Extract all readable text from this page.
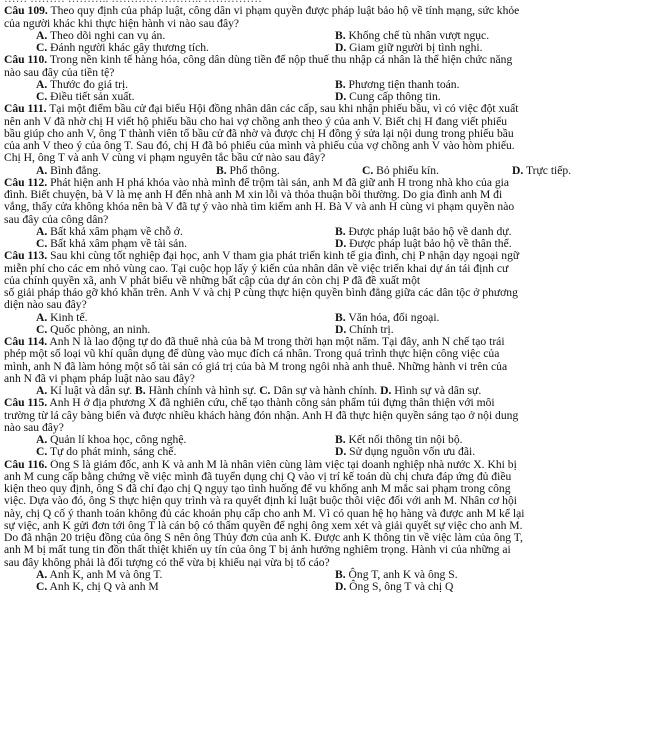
Câu 109. Theo quy định của pháp luật, công dân vi phạm quyền được pháp luật bảo hộ về tính mạng, sức khỏe
của người khác khi thực hiện hành vi nào sau đây?
A. Theo dõi nghi can vụ án.	B. Khống chế tù nhân vượt ngục.
C. Đánh người khác gây thương tích.	D. Giam giữ người bị tình nghi.
Câu 110. Trong nền kinh tế hàng hóa, công dân dùng tiền để nộp thuế thu nhập cá nhân là thể hiện chức năng
nào sau đây của tiền tệ?
A. Thước đo giá trị.	B. Phương tiện thanh toán.
C. Điều tiết sản xuất.	D. Cung cấp thông tin.
Câu 111. Tại một điểm bầu cử đại biểu Hội đồng nhân dân các cấp, sau khi nhận phiếu bầu, vì có việc đột xuất
nên anh V đã nhờ chị H viết hộ phiếu bầu cho hai vợ chồng anh theo ý của anh V. Biết chị H đang viết phiếu
bầu giúp cho anh V, ông T thành viên tổ bầu cử đã nhờ và được chị H đồng ý sửa lại nội dung trong phiếu bầu
của anh V theo ý của ông T. Sau đó, chị H đã bỏ phiếu của mình và phiếu của vợ chồng anh V vào hòm phiếu.
Chị H, ông T và anh V cùng vi phạm nguyên tắc bầu cử nào sau đây?
A. Bình đẳng.	B. Phổ thông.	C. Bỏ phiếu kín.	D. Trực tiếp.
Câu 112. Phát hiện anh H phá khóa vào nhà mình để trộm tài sản, anh M đã giữ anh H trong nhà kho của gia
đình. Biết chuyện, bà V là mẹ anh H đến nhà anh M xin lỗi và thỏa thuận bồi thường. Do gia đình anh M đi
vắng, thấy cửa không khóa nên bà V đã tự ý vào nhà tìm kiếm anh H. Bà V và anh H cùng vi phạm quyền nào
sau đây của công dân?
A. Bất khả xâm phạm về chỗ ở.	B. Được pháp luật bảo hộ về danh dự.
C. Bất khả xâm phạm về tài sản.	D. Được pháp luật bảo hộ về thân thể.
Câu 113. Sau khi cùng tốt nghiệp đại học, anh V tham gia phát triển kinh tế gia đình, chị P nhận dạy ngoại ngữ
miễn phí cho các em nhỏ vùng cao. Tại cuộc họp lấy ý kiến của nhân dân về việc triển khai dự án tái định cư
của chính quyền xã, anh V phát biểu về những bất cập của dự án còn chị P đã đề xuất một
số giải pháp tháo gỡ khó khăn trên. Anh V và chị P cùng thực hiện quyền bình đẳng giữa các dân tộc ở phương
diện nào sau đây?
A. Kinh tế.	B. Văn hóa, đối ngoại.
C. Quốc phòng, an ninh.	D. Chính trị.
Câu 114. Anh N là lao động tự do đã thuê nhà của bà M trong thời hạn một năm. Tại đây, anh N chế tạo trái
phép một số loại vũ khí quân dụng để dùng vào mục đích cá nhân. Trong quá trình thực hiện công việc của
mình, anh N đã làm hỏng một số tài sản có giá trị của bà M trong ngôi nhà anh thuê. Những hành vi trên của
anh N đã vi phạm pháp luật nào sau đây?
A. Kỉ luật và dân sự. B. Hành chính và hình sự. C. Dân sự và hành chính. D. Hình sự và dân sự.
Câu 115. Anh H ở địa phương X đã nghiên cứu, chế tạo thành công sản phẩm túi đựng thân thiện với môi
trường từ lá cây bàng biển và được nhiều khách hàng đón nhận. Anh H đã thực hiện quyền sáng tạo ở nội dung
nào sau đây?
A. Quản lí khoa học, công nghệ.	B. Kết nối thông tin nội bộ.
C. Tự do phát minh, sáng chế.	D. Sử dụng nguồn vốn ưu đãi.
Câu 116. Ông S là giám đốc, anh K và anh M là nhân viên cùng làm việc tại doanh nghiệp nhà nước X. Khi bị
anh M cung cấp bằng chứng về việc mình đã tuyển dụng chị Q vào vị trí kế toán dù chị chưa đáp ứng đủ điều
kiện theo quy định, ông S đã chỉ đạo chị Q ngụy tạo tình huống để vu khống anh M mắc sai phạm trong công
việc. Dựa vào đó, ông S thực hiện quy trình và ra quyết định kỉ luật buộc thôi việc đối với anh M. Nhân cơ hội
này, chị Q cố ý thanh toán không đủ các khoản phụ cấp cho anh M. Vì có quan hệ họ hàng và được anh M kể lại
sự việc, anh K gửi đơn tới ông T là cán bộ có thẩm quyền để nghị ông xem xét và giải quyết sự việc cho anh M.
Do đã nhận 20 triệu đồng của ông S nên ông Thủy đơn của anh K. Được anh K thông tin về việc làm của ông T,
anh M bị mất tung tin đồn thất thiệt khiến uy tín của ông T bị ảnh hưởng nghiêm trọng. Hành vi của những ai
sau đây không phải là đối tượng có thể vừa bị khiếu nại vừa bị tố cáo?
A. Anh K, anh M và ông T.	B. Ông T, anh K và ông S.
C. Anh K, chị Q và anh M	D. Ông S, ông T và chị Q
